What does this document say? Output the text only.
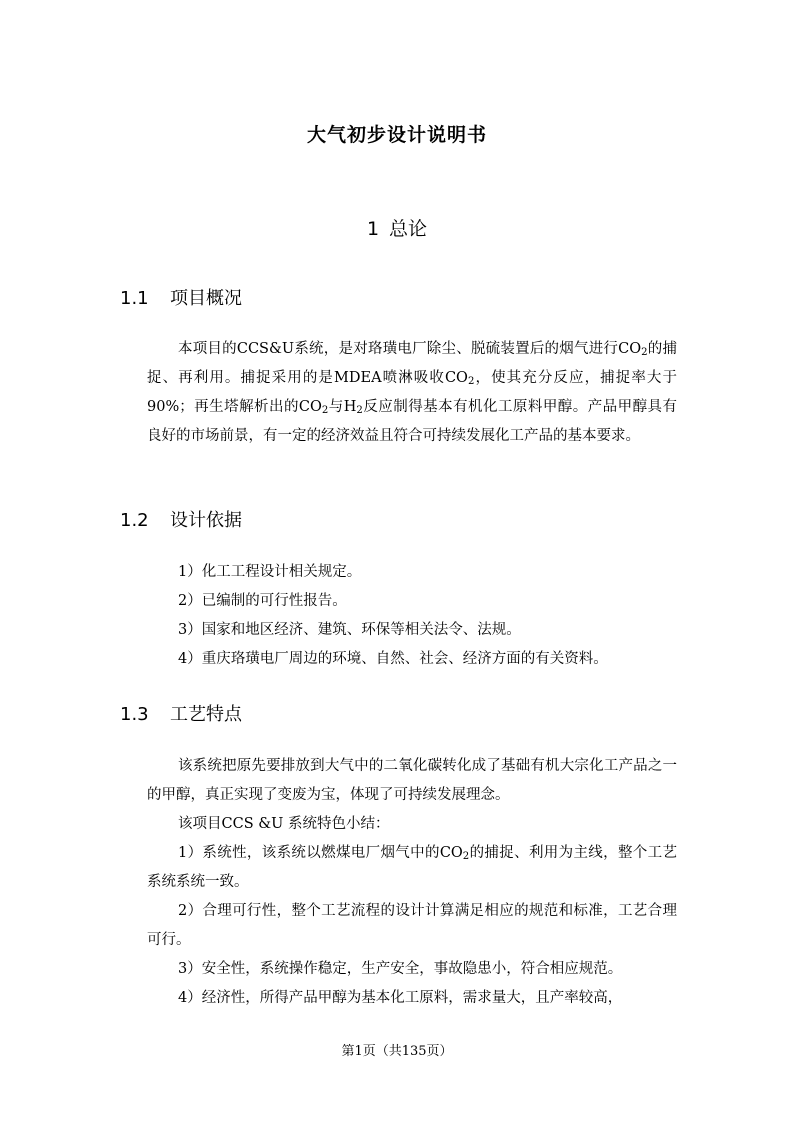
大气初步设计说明书
1 总论
1.1 项目概况
本项目的CCS&U系统，是对珞璜电厂除尘、脱硫装置后的烟气进行$CO_2$的捕捉、再利用。捕捉采用的是MDEA喷淋吸收$CO_2$，使其充分反应，捕捉率大于90%；再生塔解析出的$CO_2$与$H_2$反应制得基本有机化工原料甲醇。产品甲醇具有良好的市场前景，有一定的经济效益且符合可持续发展化工产品的基本要求。
1.2 设计依据
1）化工工程设计相关规定。
2）已编制的可行性报告。
3）国家和地区经济、建筑、环保等相关法令、法规。
4）重庆珞璜电厂周边的环境、自然、社会、经济方面的有关资料。
1.3 工艺特点
该系统把原先要排放到大气中的二氧化碳转化成了基础有机大宗化工产品之一的甲醇，真正实现了变废为宝，体现了可持续发展理念。
该项目CCS &U 系统特色小结：
1）系统性，该系统以燃煤电厂烟气中的$CO_2$的捕捉、利用为主线，整个工艺系统系统一致。
2）合理可行性，整个工艺流程的设计计算满足相应的规范和标准，工艺合理可行。
3）安全性，系统操作稳定，生产安全，事故隐患小，符合相应规范。
4）经济性，所得产品甲醇为基本化工原料，需求量大，且产率较高，
第1页（共135页）
